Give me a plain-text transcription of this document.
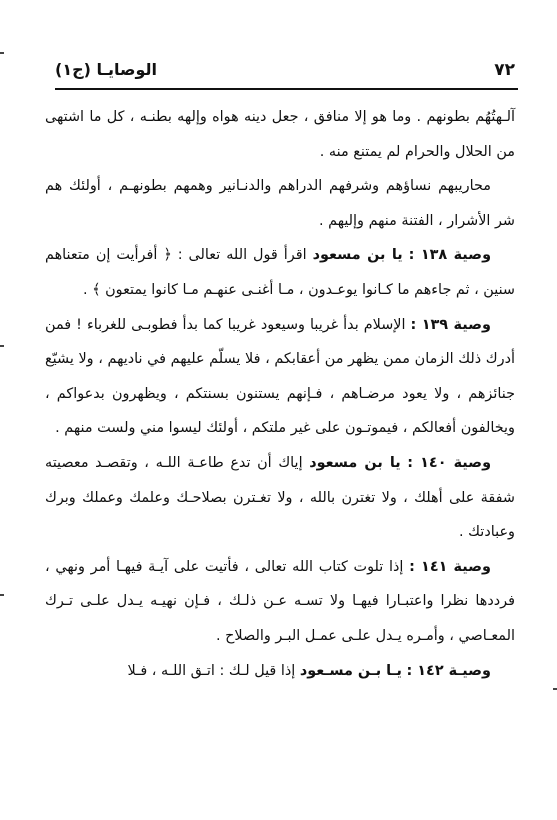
٧٢
الوصايـا (ج١)

آلـهتُهُم بطونهم . وما هو إلا منافق ، جعل دينه هواه وإلهه بطنـه ، كل ما اشتهى من الحلال والحرام لم يمتنع منه .

محاريبهم نساؤهم وشرفهم الدراهم والدنـانير وهمهم بطونهـم ، أولئك هم شر الأشرار ، الفتنة منهم وإليهم .

وصية ١٣٨ : يا بن مسعود اقرأ قول الله تعالى : ﴿ أفرأيت إن متعناهم سنين ، ثم جاءهم ما كـانوا يوعـدون ، مـا أغنـى عنهـم مـا كانوا يمتعون ﴾ .

وصية ١٣٩ : الإسلام بدأ غريبا وسيعود غريبا كما بدأ فطوبـى للغرباء ! فمن أدرك ذلك الزمان ممن يظهر من أعقابكم ، فلا يسلّم عليهم في ناديهم ، ولا يشيّع جنائزهم ، ولا يعود مرضـاهم ، فـإنهم يستنون بسنتكم ، ويظهرون بدعواكم ، ويخالفون أفعالكم ، فيموتـون على غير ملتكم ، أولئك ليسوا مني ولست منهم .

وصية ١٤٠ : يا بن مسعود إياك أن تدع طاعـة اللـه ، وتقصـد معصيته شفقة على أهلك ، ولا تغترن بالله ، ولا تغـترن بصلاحـك وعلمك وعملك وبرك وعبادتك .

وصية ١٤١ : إذا تلوت كتاب الله تعالى ، فأتيت على آيـة فيهـا أمر ونهي ، فرددها نظرا واعتبـارا فيهـا ولا تسـه عـن ذلـك ، فـإن نهيـه يـدل علـى تـرك المعـاصي ، وأمـره يـدل علـى عمـل البـر والصلاح .

وصيـة ١٤٢ : يـا بـن مسـعود إذا قيل لـك : اتـق اللـه ، فـلا
